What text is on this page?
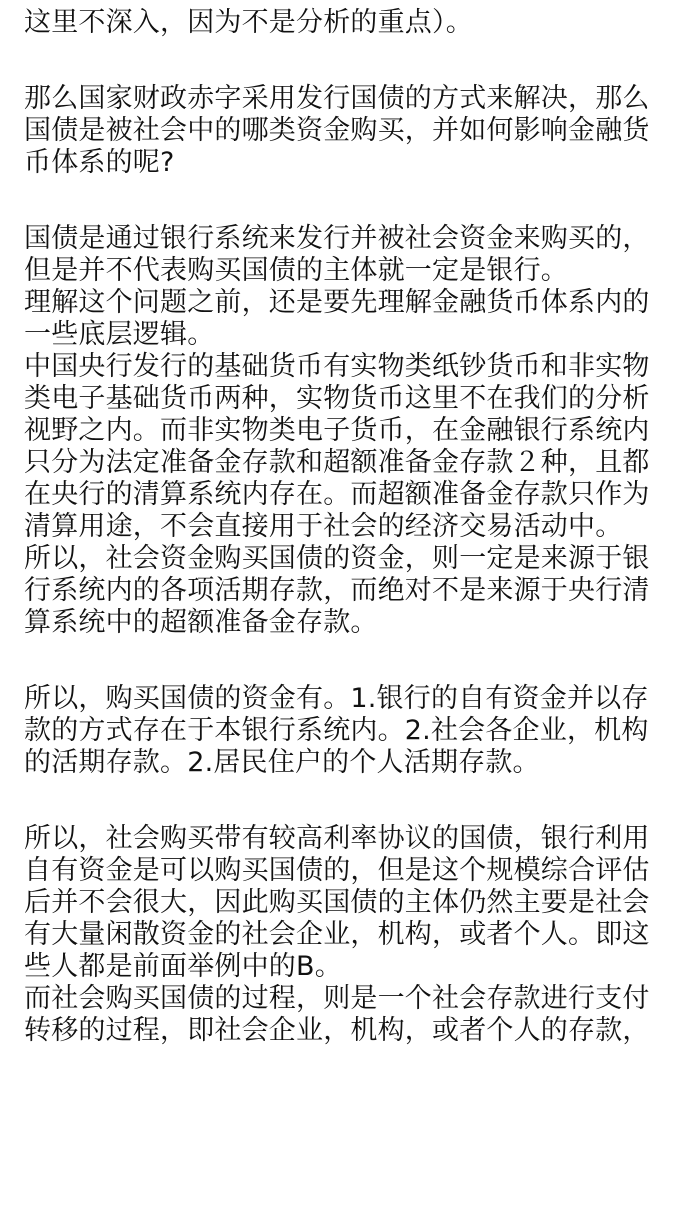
这里不深入，因为不是分析的重点）。

那么国家财政赤字采用发行国债的方式来解决，那么

国债是被社会中的哪类资金购买，并如何影响金融货

币体系的呢?

国债是通过银行系统来发行并被社会资金来购买的，

但是并不代表购买国债的主体就一定是银行。

理解这个问题之前，还是要先理解金融货币体系内的

一些底层逻辑。

中国央行发行的基础货币有实物类纸钞货币和非实物

类电子基础货币两种，实物货币这里不在我们的分析

视野之内。而非实物类电子货币，在金融银行系统内

只分为法定准备金存款和超额准备金存款２种，且都

在央行的清算系统内存在。而超额准备金存款只作为

清算用途，不会直接用于社会的经济交易活动中。

所以，社会资金购买国债的资金，则一定是来源于银

行系统内的各项活期存款，而绝对不是来源于央行清

算系统中的超额准备金存款。

所以，购买国债的资金有。1.银行的自有资金并以存

款的方式存在于本银行系统内。2.社会各企业，机构

的活期存款。2.居民住户的个人活期存款。

所以，社会购买带有较高利率协议的国债，银行利用

自有资金是可以购买国债的，但是这个规模综合评估

后并不会很大，因此购买国债的主体仍然主要是社会

有大量闲散资金的社会企业，机构，或者个人。即这

些人都是前面举例中的B。

而社会购买国债的过程，则是一个社会存款进行支付

转移的过程，即社会企业，机构，或者个人的存款，
